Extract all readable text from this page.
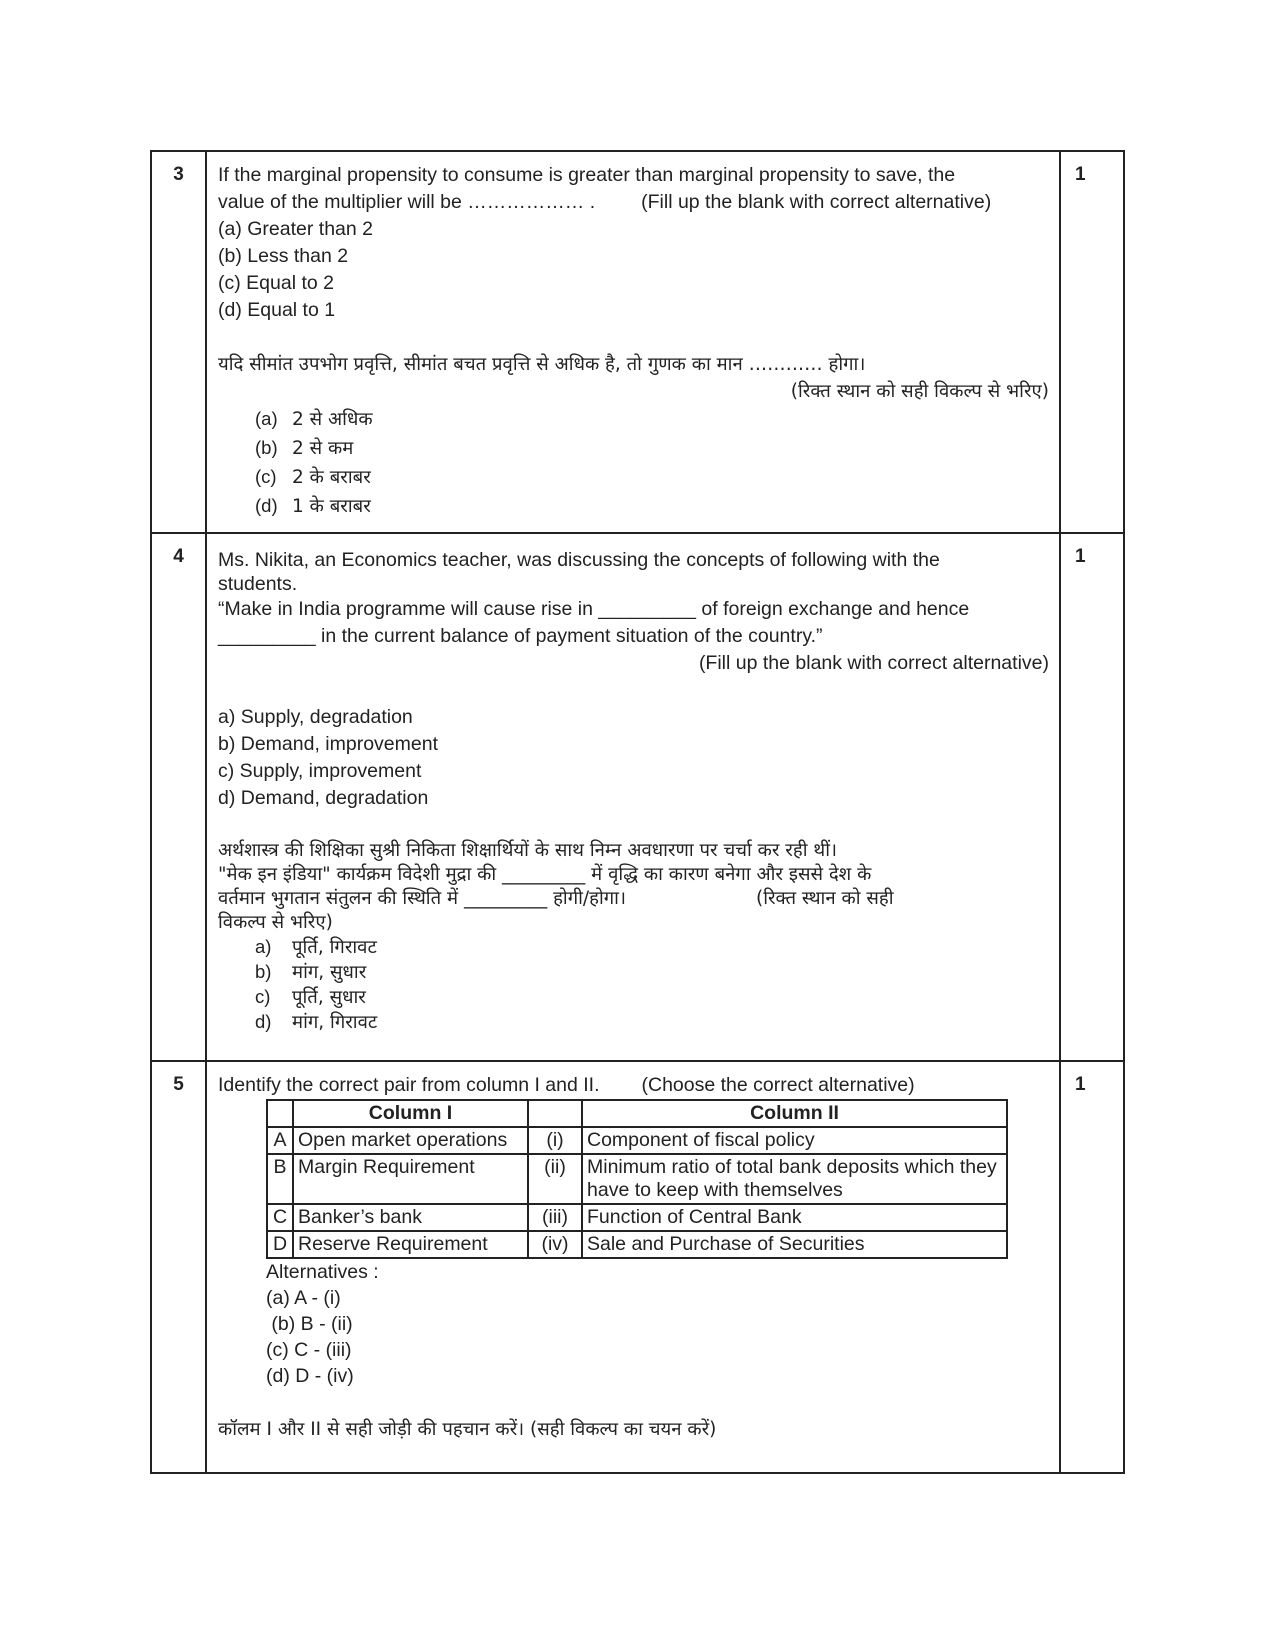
3	If the marginal propensity to consume is greater than marginal propensity to save, the
value of the multiplier will be ……………… . (Fill up the blank with correct alternative)
(a) Greater than 2
(b) Less than 2
(c) Equal to 2
(d) Equal to 1
यदि सीमांत उपभोग प्रवृत्ति, सीमांत बचत प्रवृत्ति से अधिक है, तो गुणक का मान ………… होगा।
(रिक्त स्थान को सही विकल्प से भरिए)
(a) 2 से अधिक
(b) 2 से कम
(c) 2 के बराबर
(d) 1 के बराबर

1

4	Ms. Nikita, an Economics teacher, was discussing the concepts of following with the
students.
“Make in India programme will cause rise in _________ of foreign exchange and hence
_________ in the current balance of payment situation of the country.”
(Fill up the blank with correct alternative)
a) Supply, degradation
b) Demand, improvement
c) Supply, improvement
d) Demand, degradation
अर्थशास्त्र की शिक्षिका सुश्री निकिता शिक्षार्थियों के साथ निम्न अवधारणा पर चर्चा कर रही थीं।
"मेक इन इंडिया" कार्यक्रम विदेशी मुद्रा की _________ में वृद्धि का कारण बनेगा और इससे देश के
वर्तमान भुगतान संतुलन की स्थिति में _________ होगी/होगा।	(रिक्त स्थान को सही
विकल्प से भरिए)
a) पूर्ति, गिरावट
b) मांग, सुधार
c) पूर्ति, सुधार
d) मांग, गिरावट

1

5	Identify the correct pair from column I and II. (Choose the correct alternative)
	Column I		Column II
A	Open market operations	(i)	Component of fiscal policy
B	Margin Requirement	(ii)	Minimum ratio of total bank deposits which they have to keep with themselves
C	Banker’s bank	(iii)	Function of Central Bank
D	Reserve Requirement	(iv)	Sale and Purchase of Securities
Alternatives :
(a) A - (i)
(b) B - (ii)
(c) C - (iii)
(d) D - (iv)
कॉलम I और II से सही जोड़ी की पहचान करें। (सही विकल्प का चयन करें)

1
